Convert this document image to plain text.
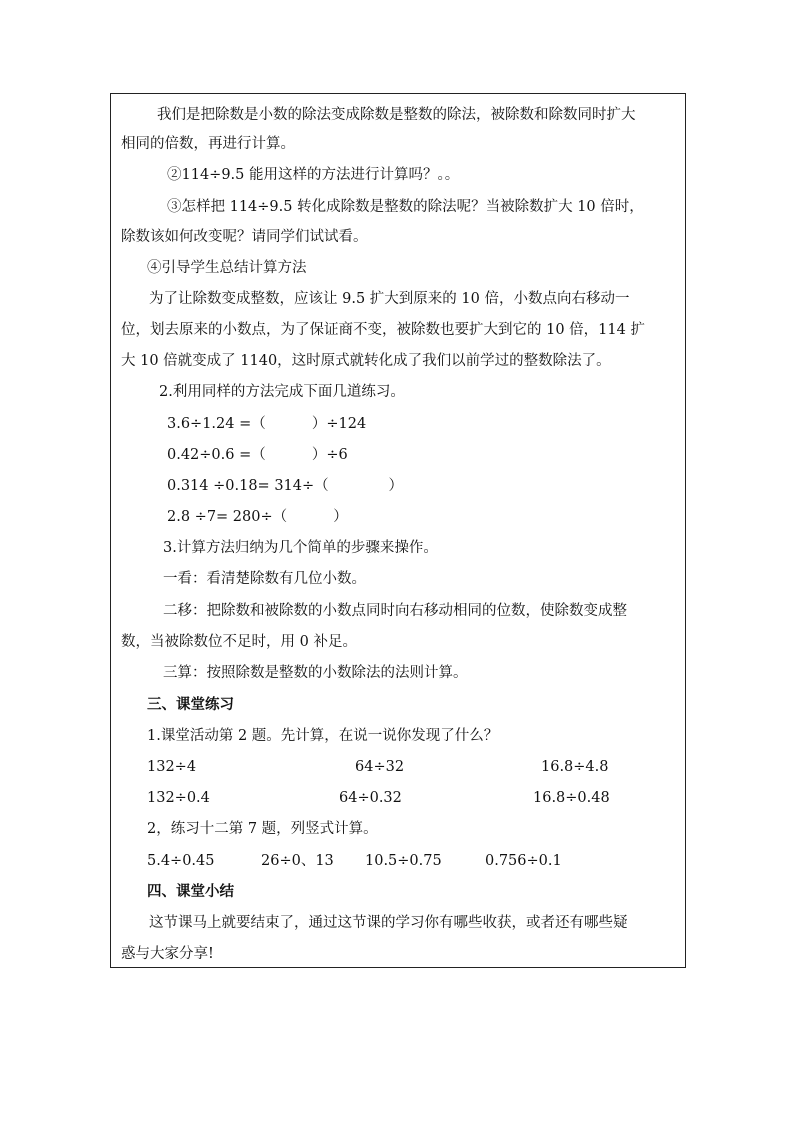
我们是把除数是小数的除法变成除数是整数的除法，被除数和除数同时扩大
相同的倍数，再进行计算。
②114÷9.5 能用这样的方法进行计算吗？。。
③怎样把 114÷9.5 转化成除数是整数的除法呢？当被除数扩大 10 倍时，
除数该如何改变呢？请同学们试试看。
④引导学生总结计算方法
为了让除数变成整数，应该让 9.5 扩大到原来的 10 倍，小数点向右移动一
位，划去原来的小数点，为了保证商不变，被除数也要扩大到它的 10 倍，114 扩
大 10 倍就变成了 1140，这时原式就转化成了我们以前学过的整数除法了。
2.利用同样的方法完成下面几道练习。
3.6÷1.24 =（          ）÷124
0.42÷0.6 =（          ）÷6
0.314 ÷0.18= 314÷（             ）
2.8 ÷7= 280÷（          ）
3.计算方法归纳为几个简单的步骤来操作。
一看：看清楚除数有几位小数。
二移：把除数和被除数的小数点同时向右移动相同的位数，使除数变成整
数，当被除数位不足时，用 0 补足。
三算：按照除数是整数的小数除法的法则计算。
三、课堂练习
1.课堂活动第 2 题。先计算，在说一说你发现了什么？
132÷4	64÷32	16.8÷4.8
132÷0.4	64÷0.32	16.8÷0.48
2，练习十二第 7 题，列竖式计算。
5.4÷0.45	26÷0、13 10.5÷0.75	0.756÷0.1
四、课堂小结
这节课马上就要结束了，通过这节课的学习你有哪些收获，或者还有哪些疑
惑与大家分享!
